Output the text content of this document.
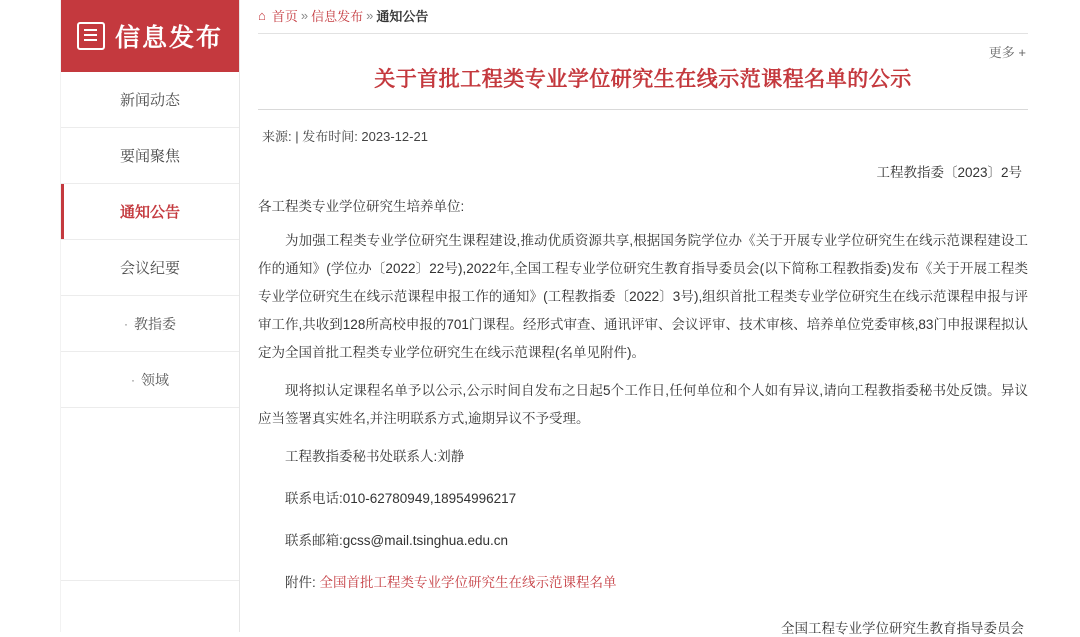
信息发布
新闻动态
要闻聚焦
通知公告
会议纪要
· 教指委
· 领域
⌂ 首页 » 信息发布 » 通知公告
更多 +
关于首批工程类专业学位研究生在线示范课程名单的公示
来源: | 发布时间: 2023-12-21
工程教指委〔2023〕2号

各工程类专业学位研究生培养单位:

为加强工程类专业学位研究生课程建设,推动优质资源共享,根据国务院学位办《关于开展专业学位研究生在线示范课程建设工作的通知》(学位办〔2022〕22号),2022年,全国工程专业学位研究生教育指导委员会(以下简称工程教指委)发布《关于开展工程类专业学位研究生在线示范课程申报工作的通知》(工程教指委〔2022〕3号),组织首批工程类专业学位研究生在线示范课程申报与评审工作,共收到128所高校申报的701门课程。经形式审查、通讯评审、会议评审、技术审核、培养单位党委审核,83门申报课程拟认定为全国首批工程类专业学位研究生在线示范课程(名单见附件)。

现将拟认定课程名单予以公示,公示时间自发布之日起5个工作日,任何单位和个人如有异议,请向工程教指委秘书处反馈。异议应当签署真实姓名,并注明联系方式,逾期异议不予受理。

工程教指委秘书处联系人:刘静

联系电话:010-62780949,18954996217

联系邮箱:gcss@mail.tsinghua.edu.cn

附件: 全国首批工程类专业学位研究生在线示范课程名单

全国工程专业学位研究生教育指导委员会
